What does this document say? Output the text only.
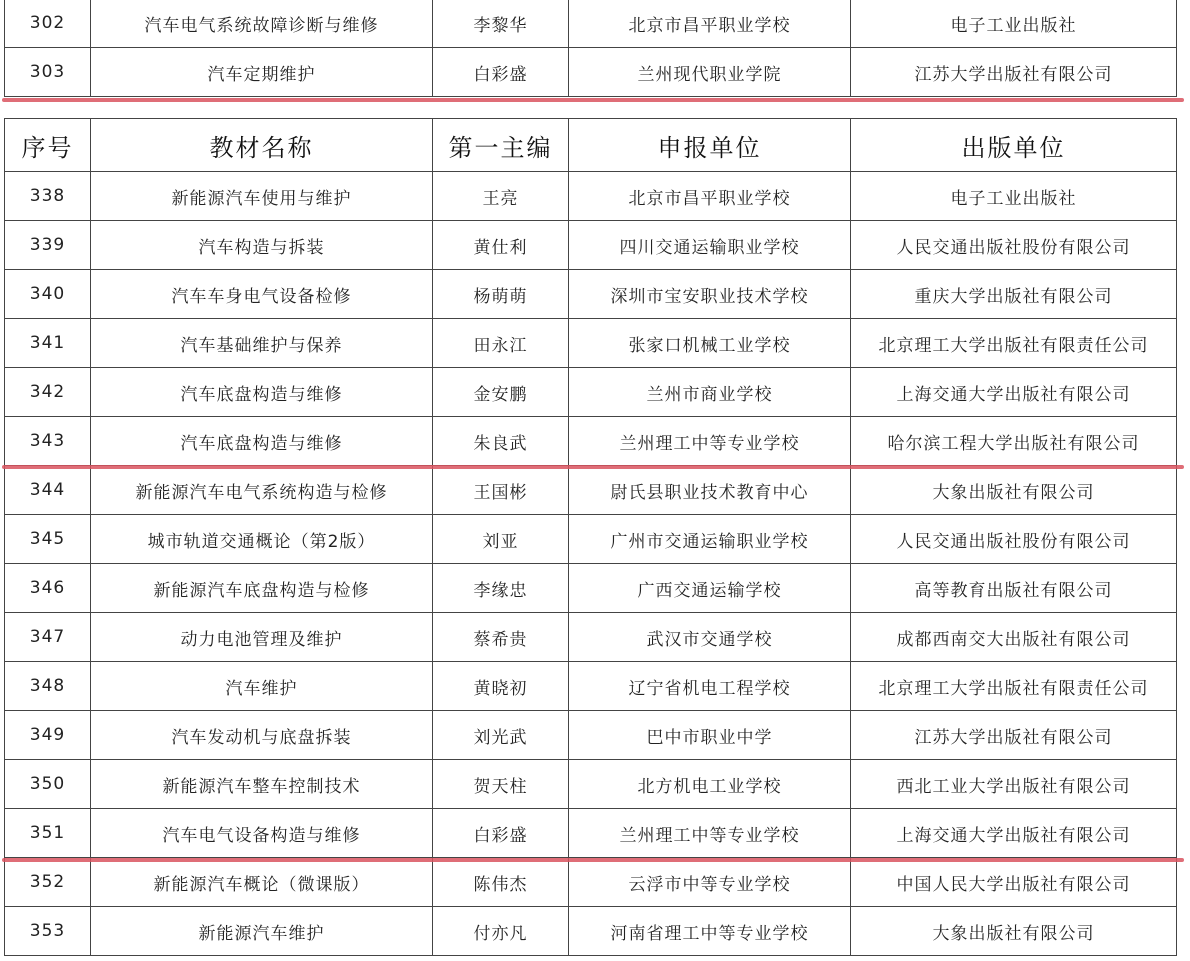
302	汽车电气系统故障诊断与维修	李黎华	北京市昌平职业学校	电子工业出版社
303	汽车定期维护	白彩盛	兰州现代职业学院	江苏大学出版社有限公司
序号	教材名称	第一主编	申报单位	出版单位
338	新能源汽车使用与维护	王亮	北京市昌平职业学校	电子工业出版社
339	汽车构造与拆装	黄仕利	四川交通运输职业学校	人民交通出版社股份有限公司
340	汽车车身电气设备检修	杨萌萌	深圳市宝安职业技术学校	重庆大学出版社有限公司
341	汽车基础维护与保养	田永江	张家口机械工业学校	北京理工大学出版社有限责任公司
342	汽车底盘构造与维修	金安鹏	兰州市商业学校	上海交通大学出版社有限公司
343	汽车底盘构造与维修	朱良武	兰州理工中等专业学校	哈尔滨工程大学出版社有限公司
344	新能源汽车电气系统构造与检修	王国彬	尉氏县职业技术教育中心	大象出版社有限公司
345	城市轨道交通概论（第2版）	刘亚	广州市交通运输职业学校	人民交通出版社股份有限公司
346	新能源汽车底盘构造与检修	李缘忠	广西交通运输学校	高等教育出版社有限公司
347	动力电池管理及维护	蔡希贵	武汉市交通学校	成都西南交大出版社有限公司
348	汽车维护	黄晓初	辽宁省机电工程学校	北京理工大学出版社有限责任公司
349	汽车发动机与底盘拆装	刘光武	巴中市职业中学	江苏大学出版社有限公司
350	新能源汽车整车控制技术	贺天柱	北方机电工业学校	西北工业大学出版社有限公司
351	汽车电气设备构造与维修	白彩盛	兰州理工中等专业学校	上海交通大学出版社有限公司
352	新能源汽车概论（微课版）	陈伟杰	云浮市中等专业学校	中国人民大学出版社有限公司
353	新能源汽车维护	付亦凡	河南省理工中等专业学校	大象出版社有限公司
